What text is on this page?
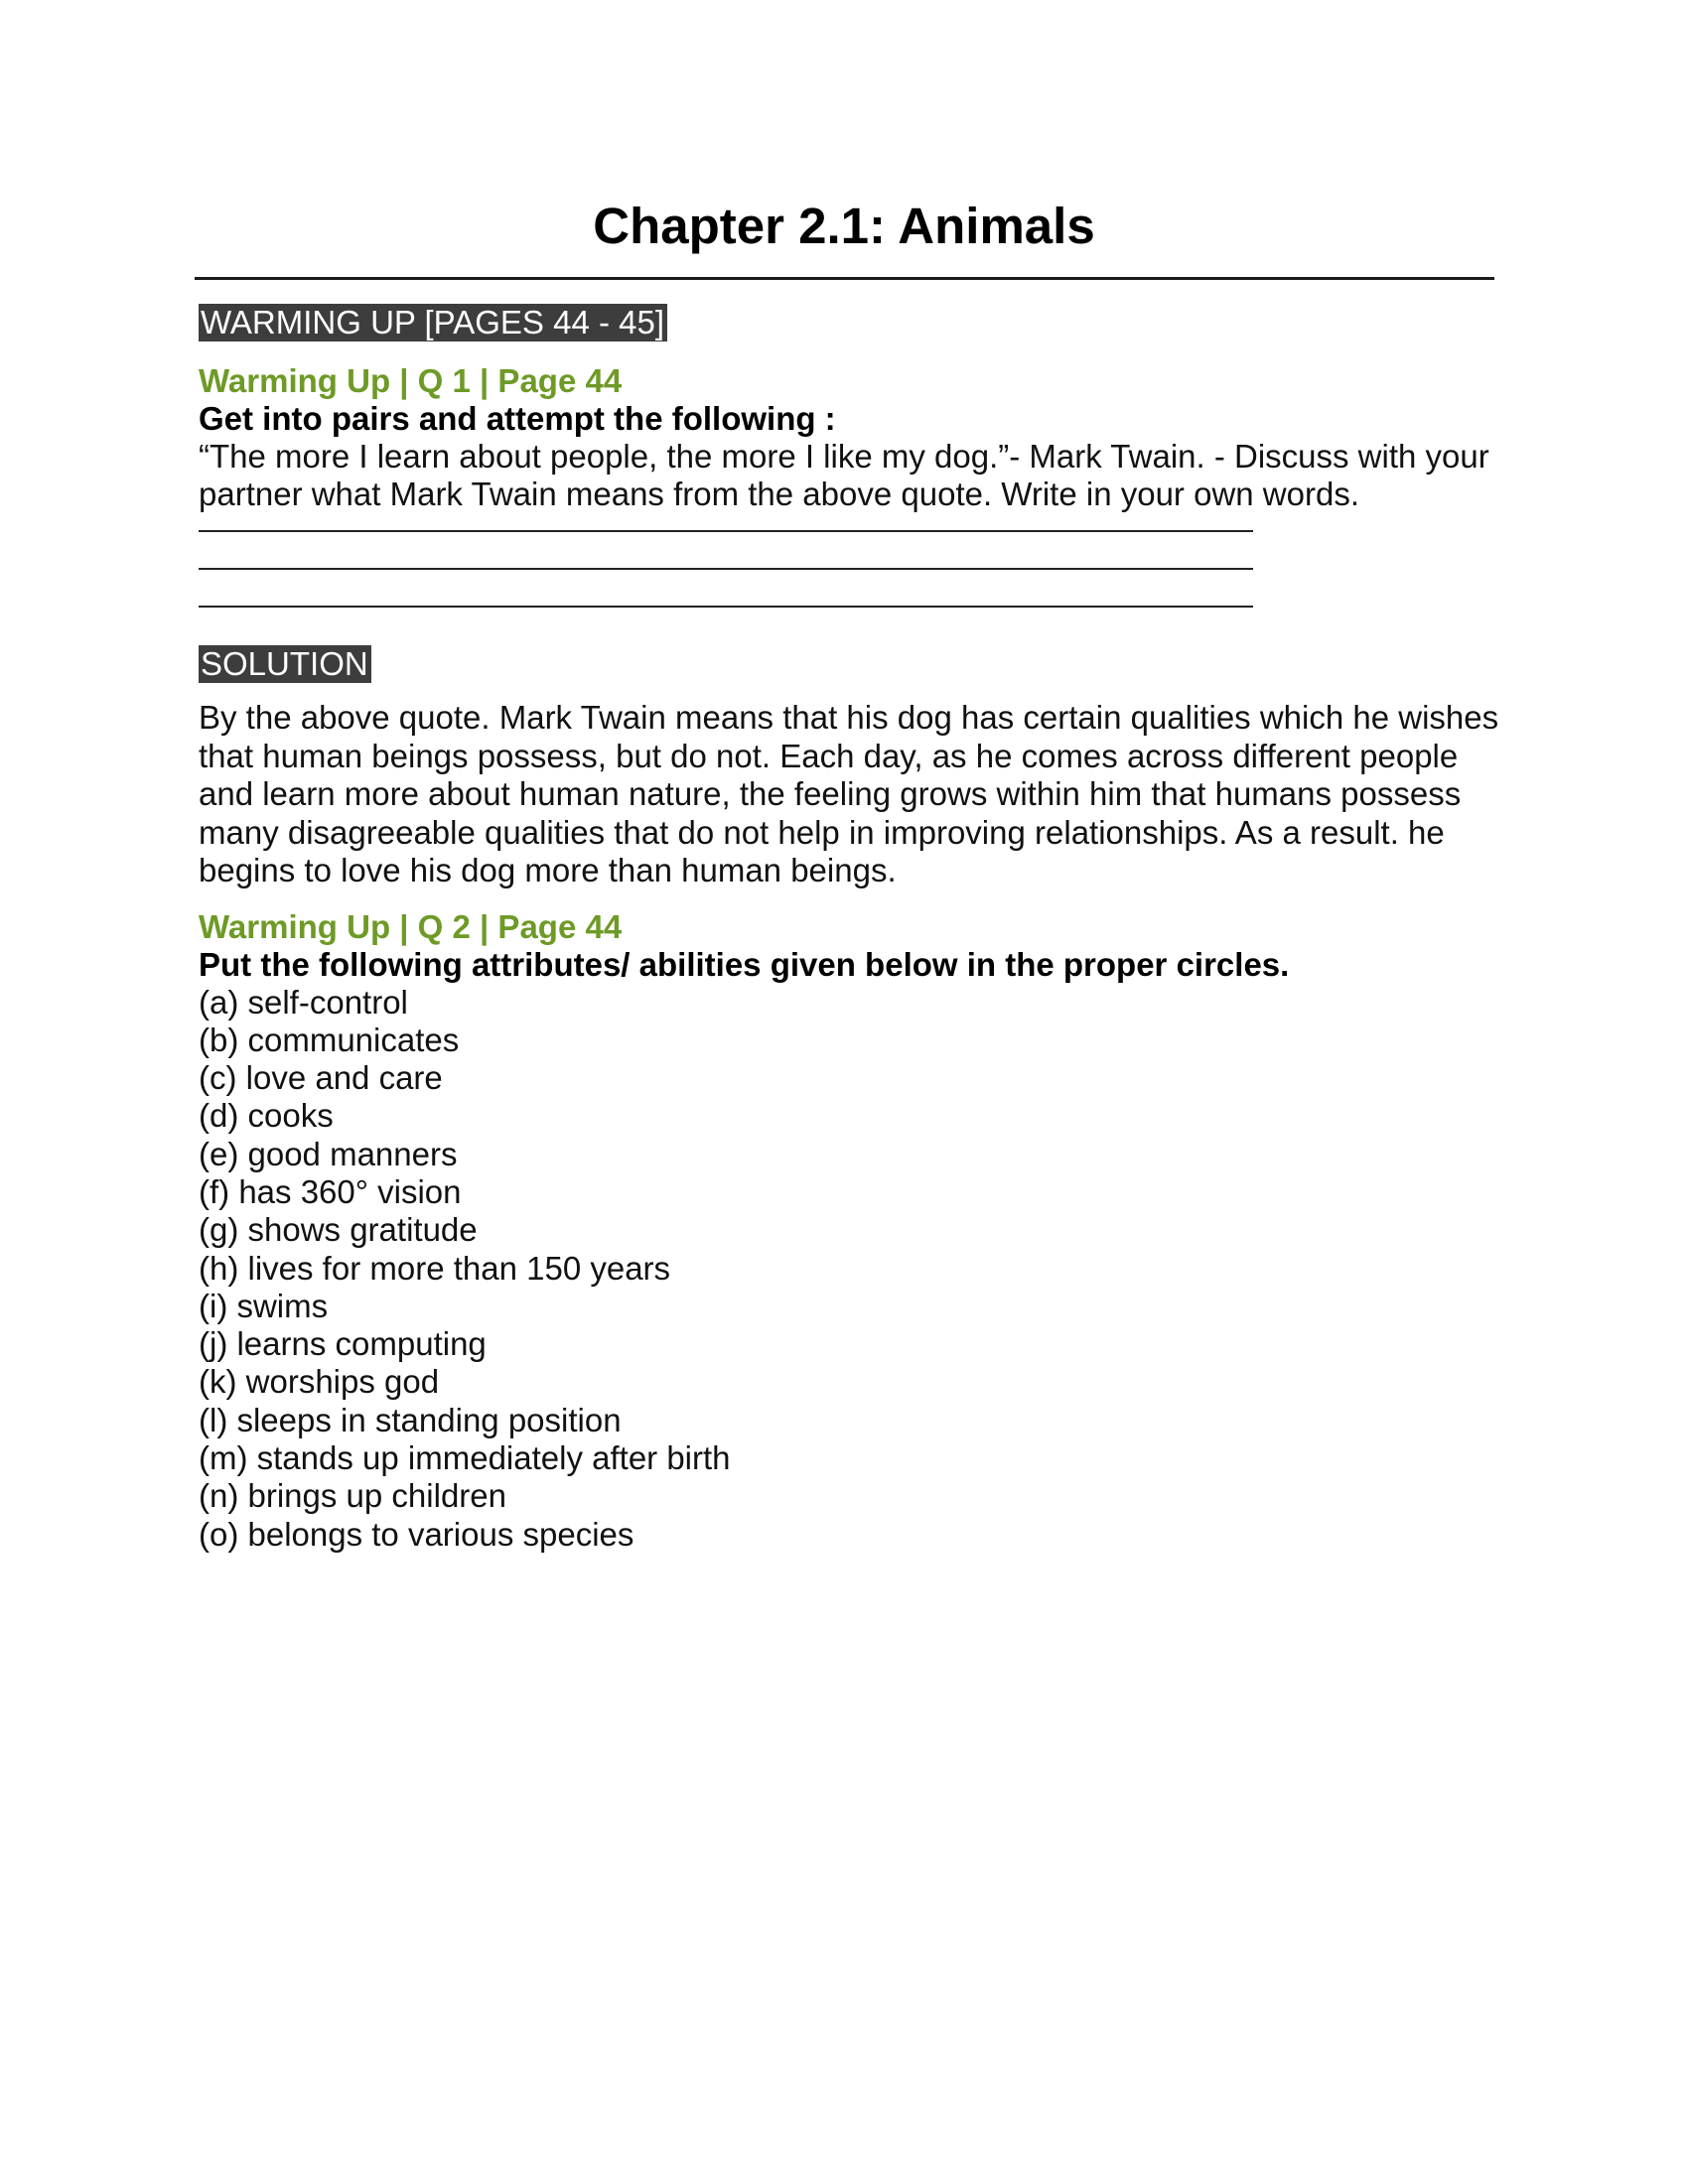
Chapter 2.1: Animals
WARMING UP [PAGES 44 - 45]

Warming Up | Q 1 | Page 44

Get into pairs and attempt the following :

“The more I learn about people, the more I like my dog.”- Mark Twain. - Discuss with your partner what Mark Twain means from the above quote. Write in your own words.

SOLUTION

By the above quote. Mark Twain means that his dog has certain qualities which he wishes that human beings possess, but do not. Each day, as he comes across different people and learn more about human nature, the feeling grows within him that humans possess many disagreeable qualities that do not help in improving relationships. As a result. he begins to love his dog more than human beings.

Warming Up | Q 2 | Page 44

Put the following attributes/ abilities given below in the proper circles.

(a) self-control
(b) communicates
(c) love and care
(d) cooks
(e) good manners
(f) has 360° vision
(g) shows gratitude
(h) lives for more than 150 years
(i) swims
(j) learns computing
(k) worships god
(l) sleeps in standing position
(m) stands up immediately after birth
(n) brings up children
(o) belongs to various species
